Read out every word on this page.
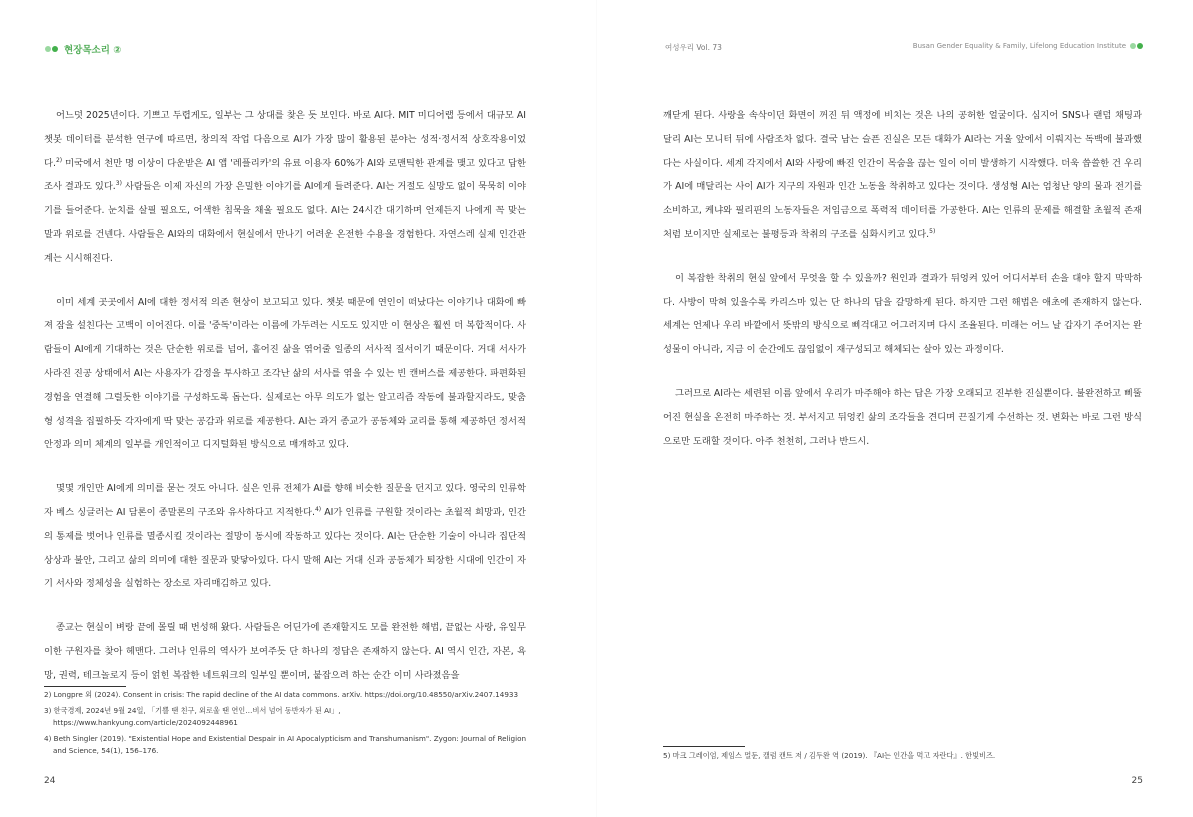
현장목소리 ②

어느덧 2025년이다. 기쁘고 두렵게도, 일부는 그 상대를 찾은 듯 보인다. 바로 AI다. MIT 미디어랩 등에서 대규모 AI 챗봇 데이터를 분석한 연구에 따르면, 창의적 작업 다음으로 AI가 가장 많이 활용된 분야는 성적·정서적 상호작용이었다.$^{2)}$ 미국에서 천만 명 이상이 다운받은 AI 앱 '레플리카'의 유료 이용자 60%가 AI와 로맨틱한 관계를 맺고 있다고 답한 조사 결과도 있다.$^{3)}$ 사람들은 이제 자신의 가장 은밀한 이야기를 AI에게 들려준다. AI는 거절도 실망도 없이 묵묵히 이야기를 들어준다. 눈치를 살필 필요도, 어색한 침묵을 채울 필요도 없다. AI는 24시간 대기하며 언제든지 나에게 꼭 맞는 말과 위로를 건넨다. 사람들은 AI와의 대화에서 현실에서 만나기 어려운 온전한 수용을 경험한다. 자연스레 실제 인간관계는 시시해진다.

이미 세계 곳곳에서 AI에 대한 정서적 의존 현상이 보고되고 있다. 챗봇 때문에 연인이 떠났다는 이야기나 대화에 빠져 잠을 설친다는 고백이 이어진다. 이를 '중독'이라는 이름에 가두려는 시도도 있지만 이 현상은 훨씬 더 복합적이다. 사람들이 AI에게 기대하는 것은 단순한 위로를 넘어, 흩어진 삶을 엮어줄 일종의 서사적 질서이기 때문이다. 거대 서사가 사라진 진공 상태에서 AI는 사용자가 감정을 투사하고 조각난 삶의 서사를 엮을 수 있는 빈 캔버스를 제공한다. 파편화된 경험을 연결해 그럴듯한 이야기를 구성하도록 돕는다. 실제로는 아무 의도가 없는 알고리즘 작동에 불과할지라도, 맞춤형 성격을 집필하듯 각자에게 딱 맞는 공감과 위로를 제공한다. AI는 과거 종교가 공동체와 교리를 통해 제공하던 정서적 안정과 의미 체계의 일부를 개인적이고 디지털화된 방식으로 매개하고 있다.

몇몇 개인만 AI에게 의미를 묻는 것도 아니다. 실은 인류 전체가 AI를 향해 비슷한 질문을 던지고 있다. 영국의 인류학자 베스 싱글러는 AI 담론이 종말론의 구조와 유사하다고 지적한다.$^{4)}$ AI가 인류를 구원할 것이라는 초월적 희망과, 인간의 통제를 벗어나 인류를 멸종시킬 것이라는 절망이 동시에 작동하고 있다는 것이다. AI는 단순한 기술이 아니라 집단적 상상과 불안, 그리고 삶의 의미에 대한 질문과 맞닿아있다. 다시 말해 AI는 거대 신과 공동체가 퇴장한 시대에 인간이 자기 서사와 정체성을 실험하는 장소로 자리매김하고 있다.

종교는 현실이 벼랑 끝에 몰릴 때 번성해 왔다. 사람들은 어딘가에 존재할지도 모를 완전한 해법, 끝없는 사랑, 유일무이한 구원자를 찾아 헤맨다. 그러나 인류의 역사가 보여주듯 단 하나의 정답은 존재하지 않는다. AI 역시 인간, 자본, 욕망, 권력, 테크놀로지 등이 얽힌 복잡한 네트워크의 일부일 뿐이며, 붙잡으려 하는 순간 이미 사라졌음을

2) Longpre 외 (2024). Consent in crisis: The rapid decline of the AI data commons. arXiv. https://doi.org/10.48550/arXiv.2407.14933
3) 한국경제, 2024년 9월 24일, 「기쁠 땐 친구, 외로울 땐 연인…비서 넘어 동반자가 된 AI」, https://www.hankyung.com/article/2024092448961
4) Beth Singler (2019). "Existential Hope and Existential Despair in AI Apocalypticism and Transhumanism". Zygon: Journal of Religion and Science, 54(1), 156–176.
24
여성우리 Vol. 73	Busan Gender Equality & Family, Lifelong Education Institute

깨닫게 된다. 사랑을 속삭이던 화면이 꺼진 뒤 액정에 비치는 것은 나의 공허한 얼굴이다. 심지어 SNS나 랜덤 채팅과 달리 AI는 모니터 뒤에 사람조차 없다. 결국 남는 슬픈 진실은 모든 대화가 AI라는 거울 앞에서 이뤄지는 독백에 불과했다는 사실이다. 세계 각지에서 AI와 사랑에 빠진 인간이 목숨을 끊는 일이 이미 발생하기 시작했다. 더욱 씁쓸한 건 우리가 AI에 매달리는 사이 AI가 지구의 자원과 인간 노동을 착취하고 있다는 것이다. 생성형 AI는 엄청난 양의 물과 전기를 소비하고, 케냐와 필리핀의 노동자들은 저임금으로 폭력적 데이터를 가공한다. AI는 인류의 문제를 해결할 초월적 존재처럼 보이지만 실제로는 불평등과 착취의 구조를 심화시키고 있다.$^{5)}$

이 복잡한 착취의 현실 앞에서 무엇을 할 수 있을까? 원인과 결과가 뒤엉켜 있어 어디서부터 손을 대야 할지 막막하다. 사방이 막혀 있을수록 카리스마 있는 단 하나의 답을 갈망하게 된다. 하지만 그런 해법은 애초에 존재하지 않는다. 세계는 언제나 우리 바깥에서 뜻밖의 방식으로 삐걱대고 어그러지며 다시 조율된다. 미래는 어느 날 갑자기 주어지는 완성물이 아니라, 지금 이 순간에도 끊임없이 재구성되고 해체되는 살아 있는 과정이다.

그러므로 AI라는 세련된 이름 앞에서 우리가 마주해야 하는 답은 가장 오래되고 진부한 진실뿐이다. 불완전하고 삐뚤어진 현실을 온전히 마주하는 것. 부서지고 뒤엉킨 삶의 조각들을 견디며 끈질기게 수선하는 것. 변화는 바로 그런 방식으로만 도래할 것이다. 아주 천천히, 그러나 반드시.

5) 마크 그레이엄, 제임스 멀둔, 캘럼 캔트 저 / 김두완 역 (2019). 『AI는 인간을 먹고 자란다』. 한빛비즈.
25
